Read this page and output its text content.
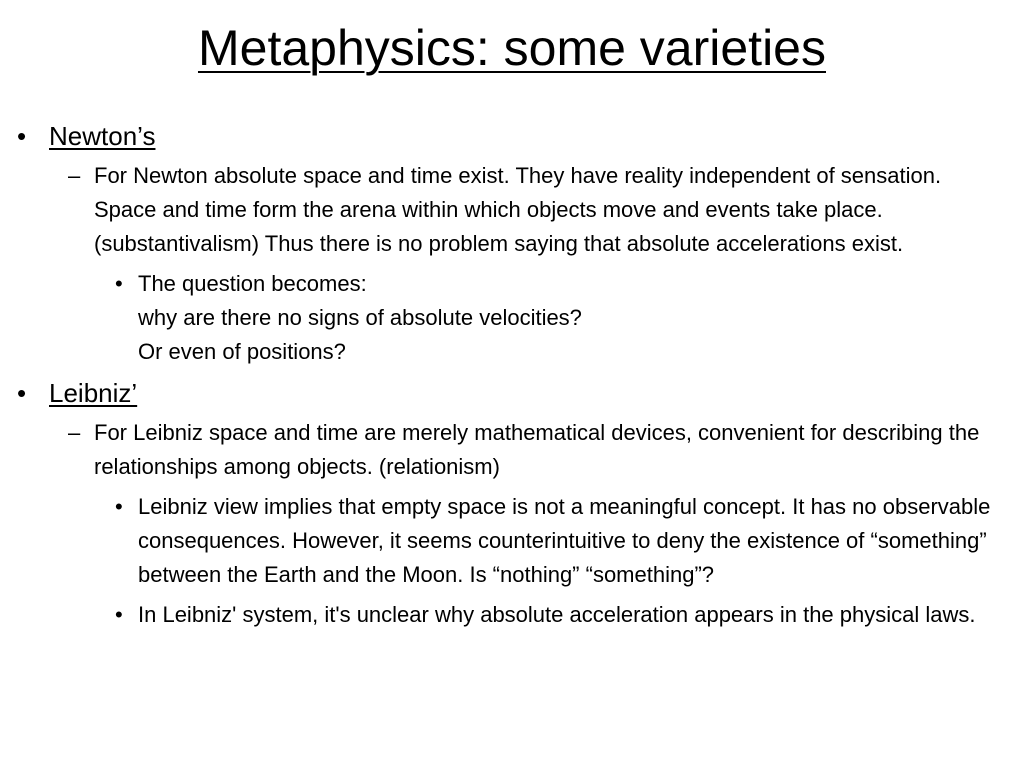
Metaphysics: some varieties
• Newton’s
– For Newton absolute space and time exist. They have reality independent of sensation. Space and time form the arena within which objects move and events take place. (substantivalism) Thus there is no problem saying that absolute accelerations exist.
• The question becomes:
why are there no signs of absolute velocities?
Or even of positions?
• Leibniz’
– For Leibniz space and time are merely mathematical devices, convenient for describing the relationships among objects. (relationism)
• Leibniz view implies that empty space is not a meaningful concept. It has no observable consequences. However, it seems counterintuitive to deny the existence of “something” between the Earth and the Moon. Is “nothing” “something”?
• In Leibniz' system, it's unclear why absolute acceleration appears in the physical laws.
